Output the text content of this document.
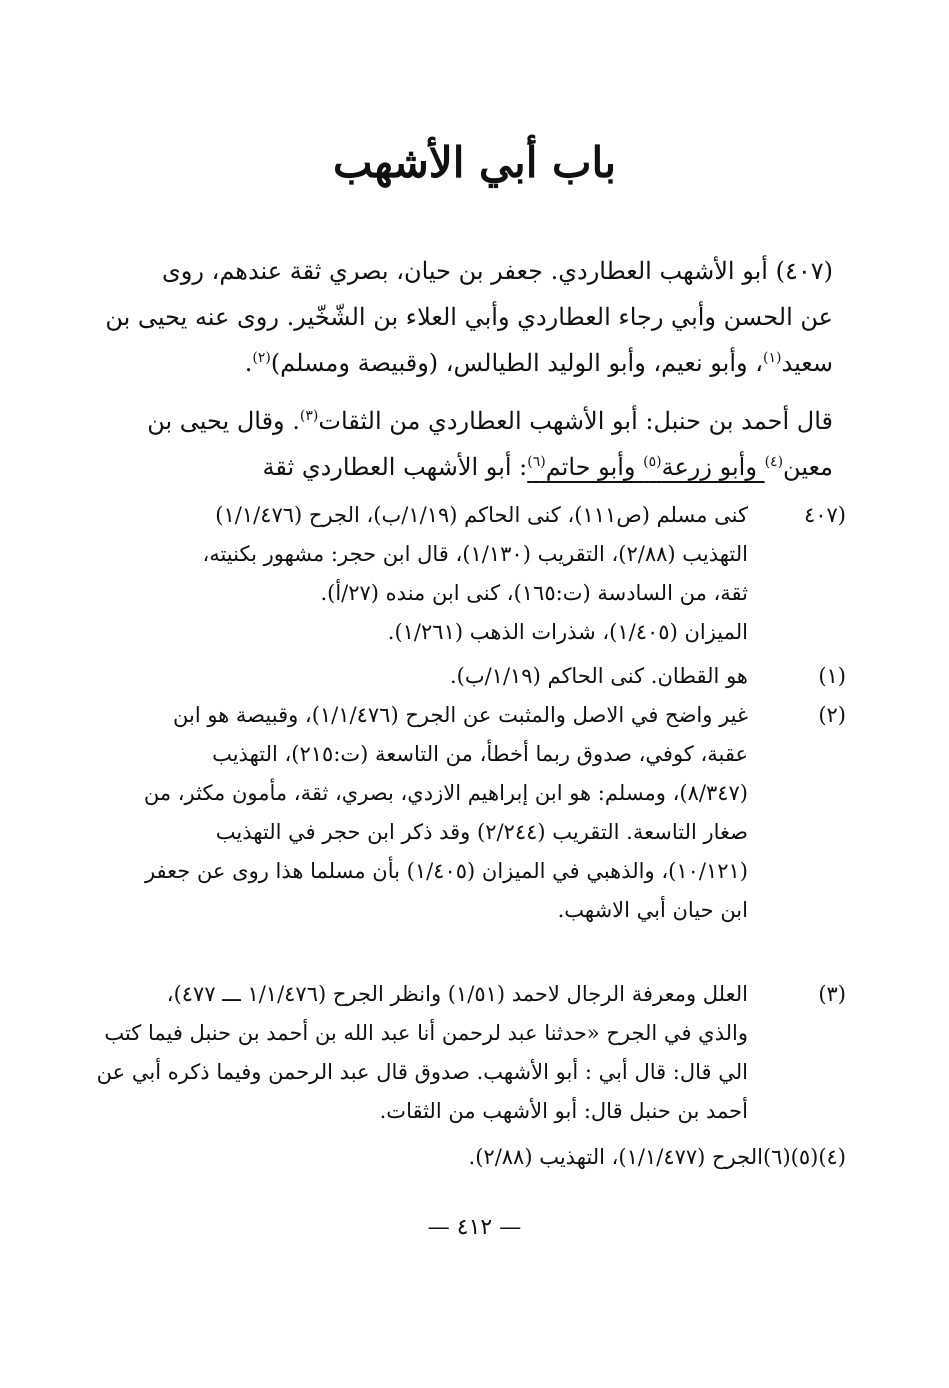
باب أبي الأشهب
(٤٠٧) أبو الأشهب العطاردي. جعفر بن حيان، بصري ثقة عندهم، روى
عن الحسن وأبي رجاء العطاردي وأبي العلاء بن الشّخّير. روى عنه يحيى بن
سعيد$^{(١)}$، وأبو نعيم، وأبو الوليد الطيالس، (وقبيصة ومسلم)$^{(٢)}$.
قال أحمد بن حنبل: أبو الأشهب العطاردي من الثقات$^{(٣)}$. وقال يحيى بن
معين$^{(٤)}$ وأبو زرعة$^{(٥)}$ وأبو حاتم$^{(٦)}$: أبو الأشهب العطاردي ثقة
(٤٠٧
كنى مسلم (ص١١١)، كنى الحاكم (١/١٩/ب)، الجرح (١/١/٤٧٦)
التهذيب (٢/٨٨)، التقريب (١/١٣٠)، قال ابن حجر: مشهور بكنيته،
ثقة، من السادسة (ت:١٦٥)، كنى ابن منده (٢٧/أ).
الميزان (١/٤٠٥)، شذرات الذهب (١/٢٦١).
(١)
هو القطان. كنى الحاكم (١/١٩/ب).
(٢)
غير واضح في الاصل والمثبت عن الجرح (١/١/٤٧٦)، وقبيصة هو ابن
عقبة، كوفي، صدوق ربما أخطأ، من التاسعة (ت:٢١٥)، التهذيب
(٨/٣٤٧)، ومسلم: هو ابن إبراهيم الازدي، بصري، ثقة، مأمون مكثر، من
صغار التاسعة. التقريب (٢/٢٤٤) وقد ذكر ابن حجر في التهذيب
(١٠/١٢١)، والذهبي في الميزان (١/٤٠٥) بأن مسلما هذا روى عن جعفر
ابن حيان أبي الاشهب.
(٣)
العلل ومعرفة الرجال لاحمد (١/٥١) وانظر الجرح (١/١/٤٧٦ ـــ ٤٧٧)،
والذي في الجرح «حدثنا عبد لرحمن أنا عبد الله بن أحمد بن حنبل فيما كتب
الي قال: قال أبي : أبو الأشهب. صدوق قال عبد الرحمن وفيما ذكره أبي عن
أحمد بن حنبل قال: أبو الأشهب من الثقات.
(٤)(٥)(٦)الجرح (١/١/٤٧٧)، التهذيب (٢/٨٨).
— ٤١٢ —
